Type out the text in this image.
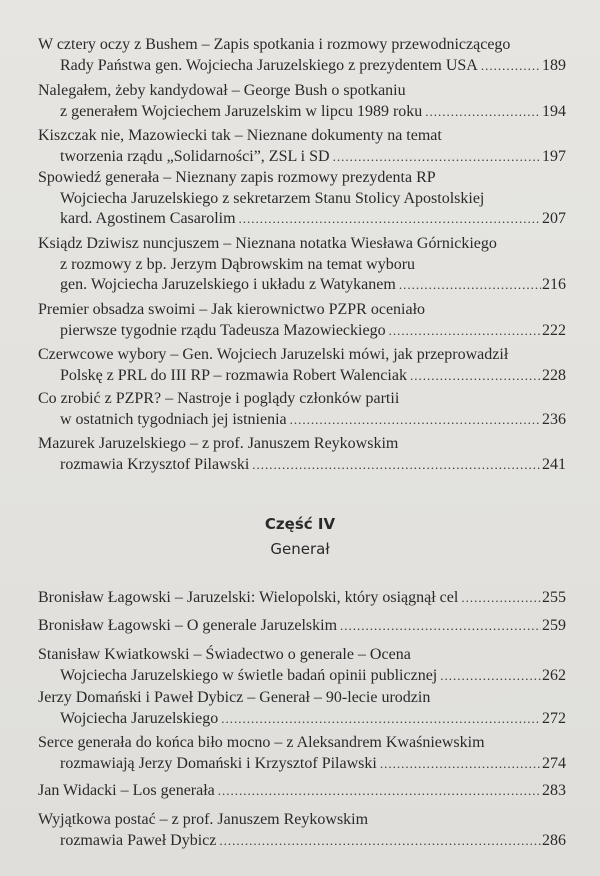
W cztery oczy z Bushem – Zapis spotkania i rozmowy przewodniczącego
Rady Państwa gen. Wojciecha Jaruzelskiego z prezydentem USA .....	189
Nalegałem, żeby kandydował – George Bush o spotkaniu
z generałem Wojciechem Jaruzelskim w lipcu 1989 roku .....	194
Kiszczak nie, Mazowiecki tak – Nieznane dokumenty na temat
tworzenia rządu „Solidarności”, ZSL i SD .....	197
Spowiedź generała – Nieznany zapis rozmowy prezydenta RP
Wojciecha Jaruzelskiego z sekretarzem Stanu Stolicy Apostolskiej
kard. Agostinem Casarolim .....	207
Ksiądz Dziwisz nuncjuszem – Nieznana notatka Wiesława Górnickiego
z rozmowy z bp. Jerzym Dąbrowskim na temat wyboru
gen. Wojciecha Jaruzelskiego i układu z Watykanem .....	216
Premier obsadza swoimi – Jak kierownictwo PZPR oceniało
pierwsze tygodnie rządu Tadeusza Mazowieckiego .....	222
Czerwcowe wybory – Gen. Wojciech Jaruzelski mówi, jak przeprowadził
Polskę z PRL do III RP – rozmawia Robert Walenciak .....	228
Co zrobić z PZPR? – Nastroje i poglądy członków partii
w ostatnich tygodniach jej istnienia .....	236
Mazurek Jaruzelskiego – z prof. Januszem Reykowskim
rozmawia Krzysztof Pilawski .....	241
Część IV
Generał
Bronisław Łagowski – Jaruzelski: Wielopolski, który osiągnął cel .....	255
Bronisław Łagowski – O generale Jaruzelskim .....	259
Stanisław Kwiatkowski – Świadectwo o generale – Ocena
Wojciecha Jaruzelskiego w świetle badań opinii publicznej .....	262
Jerzy Domański i Paweł Dybicz – Generał – 90-lecie urodzin
Wojciecha Jaruzelskiego .....	272
Serce generała do końca biło mocno – z Aleksandrem Kwaśniewskim
rozmawiają Jerzy Domański i Krzysztof Pilawski .....	274
Jan Widacki – Los generała .....	283
Wyjątkowa postać – z prof. Januszem Reykowskim
rozmawia Paweł Dybicz .....	286
